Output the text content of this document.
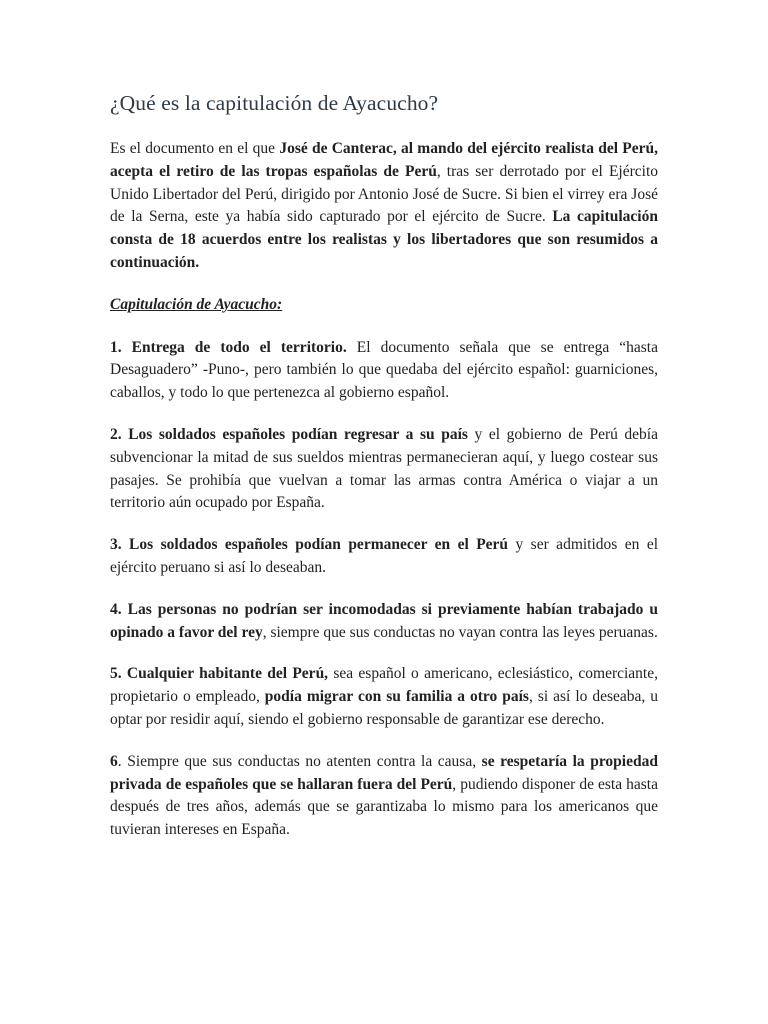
¿Qué es la capitulación de Ayacucho?

Es el documento en el que José de Canterac, al mando del ejército realista del Perú, acepta el retiro de las tropas españolas de Perú, tras ser derrotado por el Ejército Unido Libertador del Perú, dirigido por Antonio José de Sucre. Si bien el virrey era José de la Serna, este ya había sido capturado por el ejército de Sucre. La capitulación consta de 18 acuerdos entre los realistas y los libertadores que son resumidos a continuación.

Capitulación de Ayacucho:

1. Entrega de todo el territorio. El documento señala que se entrega “hasta Desaguadero” -Puno-, pero también lo que quedaba del ejército español: guarniciones, caballos, y todo lo que pertenezca al gobierno español.

2. Los soldados españoles podían regresar a su país y el gobierno de Perú debía subvencionar la mitad de sus sueldos mientras permanecieran aquí, y luego costear sus pasajes. Se prohibía que vuelvan a tomar las armas contra América o viajar a un territorio aún ocupado por España.

3. Los soldados españoles podían permanecer en el Perú y ser admitidos en el ejército peruano si así lo deseaban.

4. Las personas no podrían ser incomodadas si previamente habían trabajado u opinado a favor del rey, siempre que sus conductas no vayan contra las leyes peruanas.

5. Cualquier habitante del Perú, sea español o americano, eclesiástico, comerciante, propietario o empleado, podía migrar con su familia a otro país, si así lo deseaba, u optar por residir aquí, siendo el gobierno responsable de garantizar ese derecho.

6. Siempre que sus conductas no atenten contra la causa, se respetaría la propiedad privada de españoles que se hallaran fuera del Perú, pudiendo disponer de esta hasta después de tres años, además que se garantizaba lo mismo para los americanos que tuvieran intereses en España.
